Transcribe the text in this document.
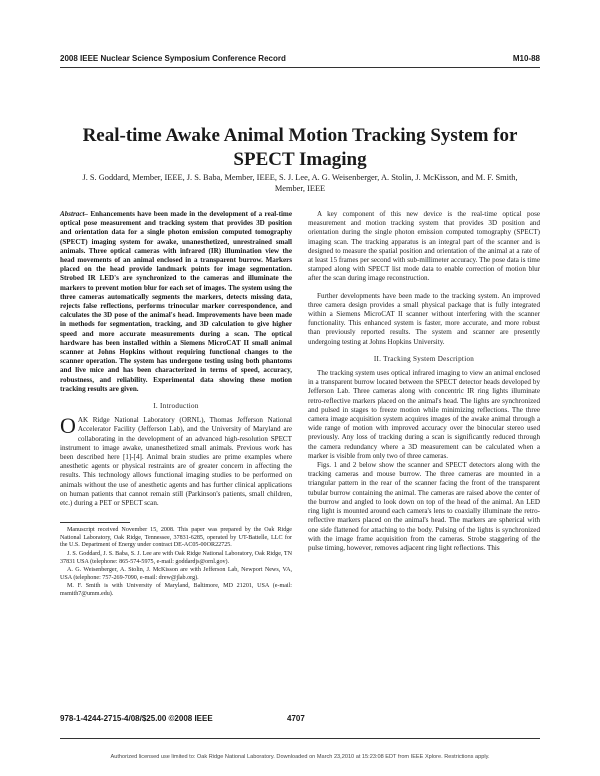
2008 IEEE Nuclear Science Symposium Conference Record	M10-88
Real-time Awake Animal Motion Tracking System for SPECT Imaging
J. S. Goddard, Member, IEEE, J. S. Baba, Member, IEEE, S. J. Lee, A. G. Weisenberger, A. Stolin, J. McKisson, and M. F. Smith, Member, IEEE
Abstract– Enhancements have been made in the development of a real-time optical pose measurement and tracking system that provides 3D position and orientation data for a single photon emission computed tomography (SPECT) imaging system for awake, unanesthetized, unrestrained small animals. Three optical cameras with infrared (IR) illumination view the head movements of an animal enclosed in a transparent burrow. Markers placed on the head provide landmark points for image segmentation. Strobed IR LED's are synchronized to the cameras and illuminate the markers to prevent motion blur for each set of images. The system using the three cameras automatically segments the markers, detects missing data, rejects false reflections, performs trinocular marker correspondence, and calculates the 3D pose of the animal's head. Improvements have been made in methods for segmentation, tracking, and 3D calculation to give higher speed and more accurate measurements during a scan. The optical hardware has been installed within a Siemens MicroCAT II small animal scanner at Johns Hopkins without requiring functional changes to the scanner operation. The system has undergone testing using both phantoms and live mice and has been characterized in terms of speed, accuracy, robustness, and reliability. Experimental data showing these motion tracking results are given.
I. Introduction

OAK Ridge National Laboratory (ORNL), Thomas Jefferson National Accelerator Facility (Jefferson Lab), and the University of Maryland are collaborating in the development of an advanced high-resolution SPECT instrument to image awake, unanesthetized small animals. Previous work has been described here [1]-[4]. Animal brain studies are prime examples where anesthetic agents or physical restraints are of greater concern in affecting the results. This technology allows functional imaging studies to be performed on animals without the use of anesthetic agents and has further clinical applications on human patients that cannot remain still (Parkinson's patients, small children, etc.) during a PET or SPECT scan.

Manuscript received November 15, 2008. This paper was prepared by the Oak Ridge National Laboratory, Oak Ridge, Tennessee, 37831-6285, operated by UT-Battelle, LLC for the U.S. Department of Energy under contract DE-AC05-00OR22725.
J. S. Goddard, J. S. Baba, S. J. Lee are with Oak Ridge National Laboratory, Oak Ridge, TN 37831 USA (telephone: 865-574-5975, e-mail: goddardjs@ornl.gov).
A. G. Weisenberger, A. Stolin, J. McKisson are with Jefferson Lab, Newport News, VA, USA (telephone: 757-269-7090, e-mail: drew@jlab.org).
M. F. Smith is with University of Maryland, Baltimore, MD 21201, USA (e-mail: msmith7@umm.edu).

A key component of this new device is the real-time optical pose measurement and motion tracking system that provides 3D position and orientation during the single photon emission computed tomography (SPECT) imaging scan. The tracking apparatus is an integral part of the scanner and is designed to measure the spatial position and orientation of the animal at a rate of at least 15 frames per second with sub-millimeter accuracy. The pose data is time stamped along with SPECT list mode data to enable correction of motion blur after the scan during image reconstruction.

Further developments have been made to the tracking system. An improved three camera design provides a small physical package that is fully integrated within a Siemens MicroCAT II scanner without interfering with the scanner functionality. This enhanced system is faster, more accurate, and more robust than previously reported results. The system and scanner are presently undergoing testing at Johns Hopkins University.

II. Tracking System Description

The tracking system uses optical infrared imaging to view an animal enclosed in a transparent burrow located between the SPECT detector heads developed by Jefferson Lab. Three cameras along with concentric IR ring lights illuminate retro-reflective markers placed on the animal's head. The lights are synchronized and pulsed in stages to freeze motion while minimizing reflections. The three camera image acquisition system acquires images of the awake animal through a wide range of motion with improved accuracy over the binocular stereo used previously. Any loss of tracking during a scan is significantly reduced through the camera redundancy where a 3D measurement can be calculated when a marker is visible from only two of three cameras.

Figs. 1 and 2 below show the scanner and SPECT detectors along with the tracking cameras and mouse burrow. The three cameras are mounted in a triangular pattern in the rear of the scanner facing the front of the transparent tubular burrow containing the animal. The cameras are raised above the center of the burrow and angled to look down on top of the head of the animal. An LED ring light is mounted around each camera's lens to coaxially illuminate the retro-reflective markers placed on the animal's head. The markers are spherical with one side flattened for attaching to the body. Pulsing of the lights is synchronized with the image frame acquisition from the cameras. Strobe staggering of the pulse timing, however, removes adjacent ring light reflections. This

978-1-4244-2715-4/08/$25.00 ©2008 IEEE	4707
Authorized licensed use limited to: Oak Ridge National Laboratory. Downloaded on March 23,2010 at 15:23:08 EDT from IEEE Xplore. Restrictions apply.
